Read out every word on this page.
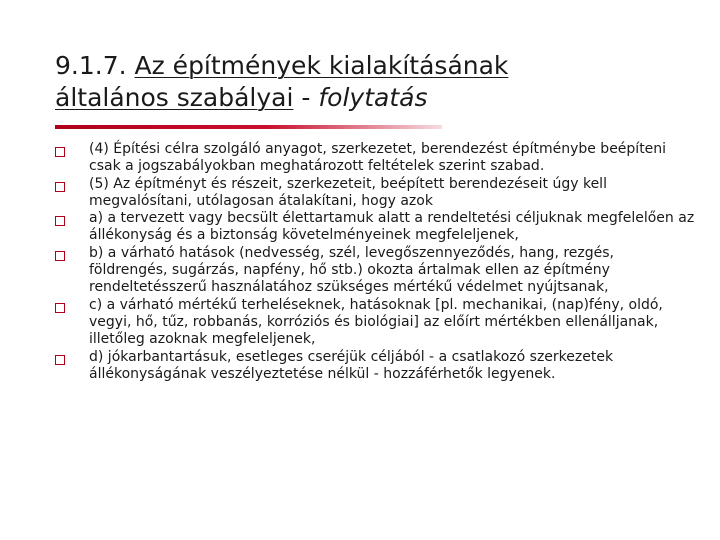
9.1.7. Az építmények kialakításának
általános szabályai - folytatás
(4) Építési célra szolgáló anyagot, szerkezetet, berendezést építménybe beépíteni csak a jogszabályokban meghatározott feltételek szerint szabad.
(5) Az építményt és részeit, szerkezeteit, beépített berendezéseit úgy kell megvalósítani, utólagosan átalakítani, hogy azok
a) a tervezett vagy becsült élettartamuk alatt a rendeltetési céljuknak megfelelően az állékonyság és a biztonság követelményeinek megfeleljenek,
b) a várható hatások (nedvesség, szél, levegőszennyeződés, hang, rezgés, földrengés, sugárzás, napfény, hő stb.) okozta ártalmak ellen az építmény rendeltetésszerű használatához szükséges mértékű védelmet nyújtsanak,
c) a várható mértékű terheléseknek, hatásoknak [pl. mechanikai, (nap)fény, oldó, vegyi, hő, tűz, robbanás, korróziós és biológiai] az előírt mértékben ellenálljanak, illetőleg azoknak megfeleljenek,
d) jókarbantartásuk, esetleges cseréjük céljából - a csatlakozó szerkezetek állékonyságának veszélyeztetése nélkül - hozzáférhetők legyenek.
